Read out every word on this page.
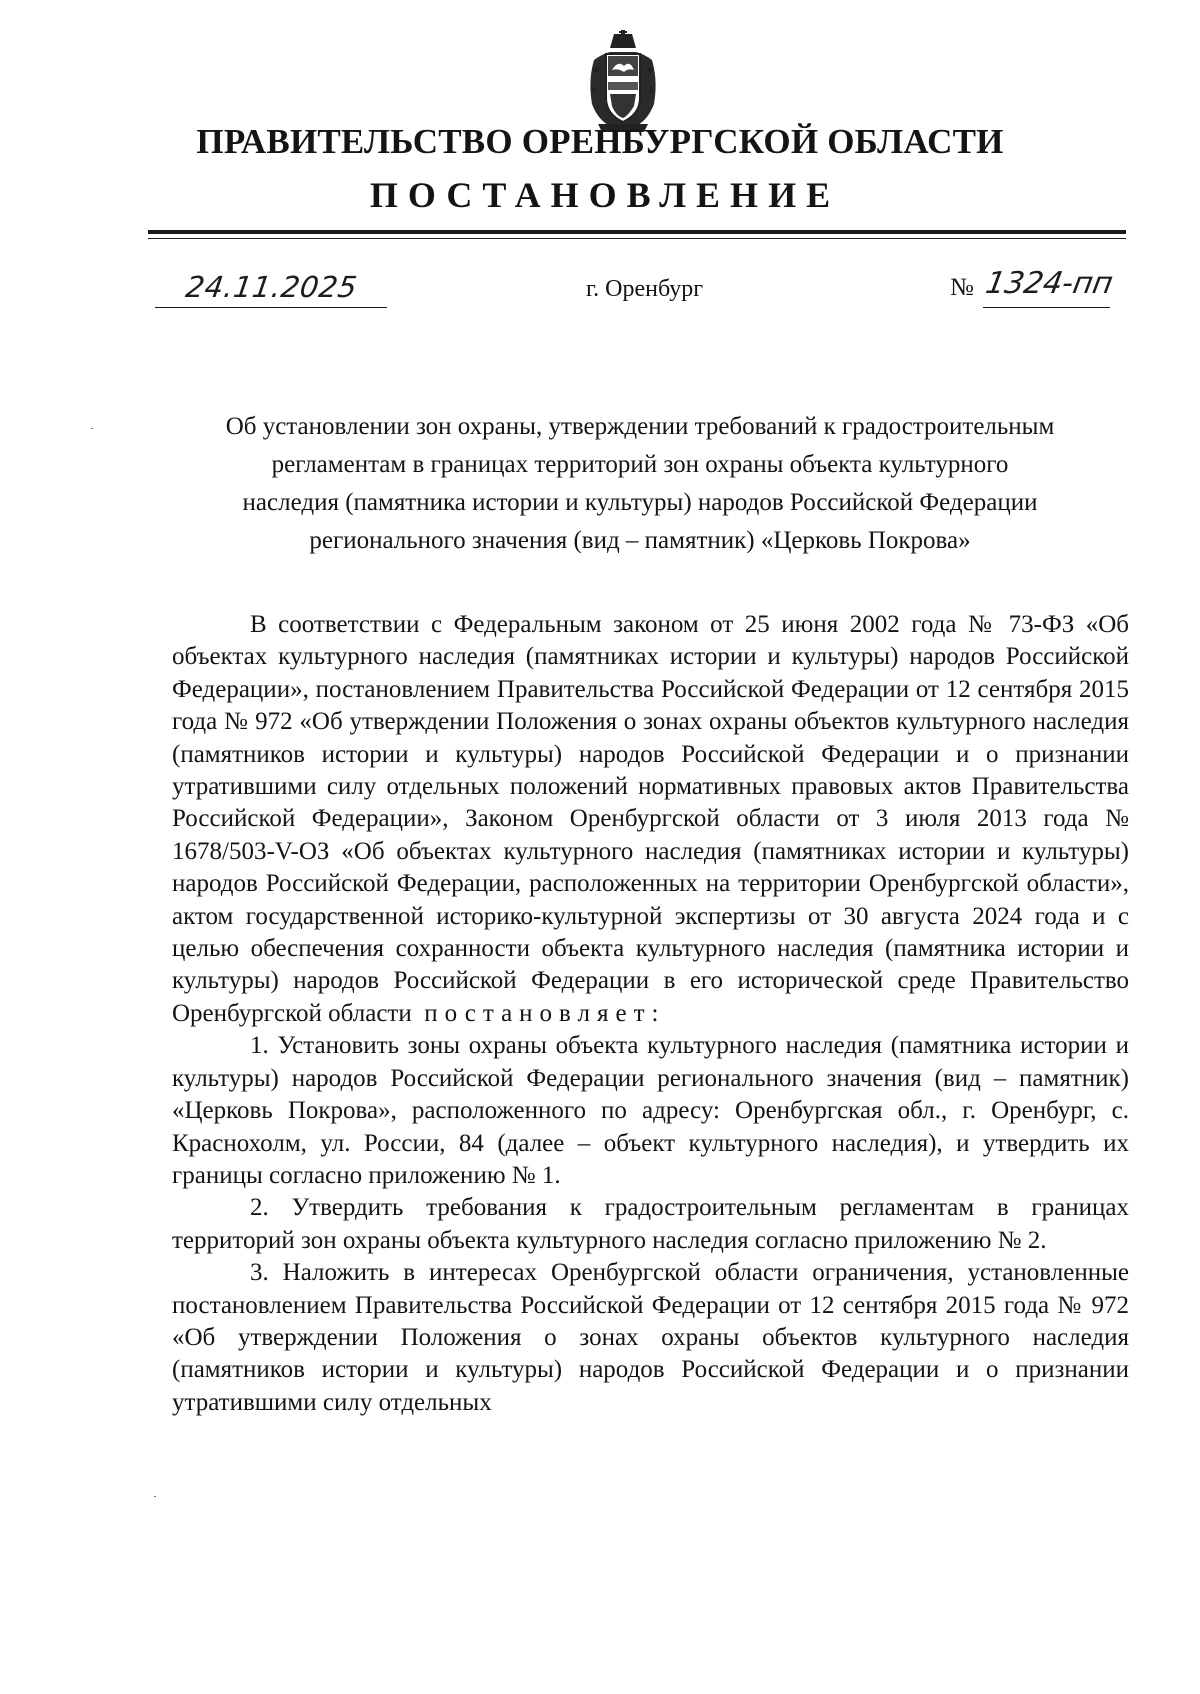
ПРАВИТЕЛЬСТВО ОРЕНБУРГСКОЙ ОБЛАСТИ
ПОСТАНОВЛЕНИЕ
24.11.2025	г. Оренбург	№ 1324-пп
Об установлении зон охраны, утверждении требований к градостроительным
регламентам в границах территорий зон охраны объекта культурного
наследия (памятника истории и культуры) народов Российской Федерации
регионального значения (вид – памятник) «Церковь Покрова»

В соответствии с Федеральным законом от 25 июня 2002 года № 73-ФЗ «Об объектах культурного наследия (памятниках истории и культуры) народов Российской Федерации», постановлением Правительства Российской Федерации от 12 сентября 2015 года № 972 «Об утверждении Положения о зонах охраны объектов культурного наследия (памятников истории и культуры) народов Российской Федерации и о признании утратившими силу отдельных положений нормативных правовых актов Правительства Российской Федерации», Законом Оренбургской области от 3 июля 2013 года № 1678/503-V-ОЗ «Об объектах культурного наследия (памятниках истории и культуры) народов Российской Федерации, расположенных на территории Оренбургской области», актом государственной историко-культурной экспертизы от 30 августа 2024 года и с целью обеспечения сохранности объекта культурного наследия (памятника истории и культуры) народов Российской Федерации в его исторической среде Правительство Оренбургской области постановляет:

1. Установить зоны охраны объекта культурного наследия (памятника истории и культуры) народов Российской Федерации регионального значения (вид – памятник) «Церковь Покрова», расположенного по адресу: Оренбургская обл., г. Оренбург, с. Краснохолм, ул. России, 84 (далее – объект культурного наследия), и утвердить их границы согласно приложению № 1.

2. Утвердить требования к градостроительным регламентам в границах территорий зон охраны объекта культурного наследия согласно приложению № 2.

3. Наложить в интересах Оренбургской области ограничения, установленные постановлением Правительства Российской Федерации от 12 сентября 2015 года № 972 «Об утверждении Положения о зонах охраны объектов культурного наследия (памятников истории и культуры) народов Российской Федерации и о признании утратившими силу отдельных
